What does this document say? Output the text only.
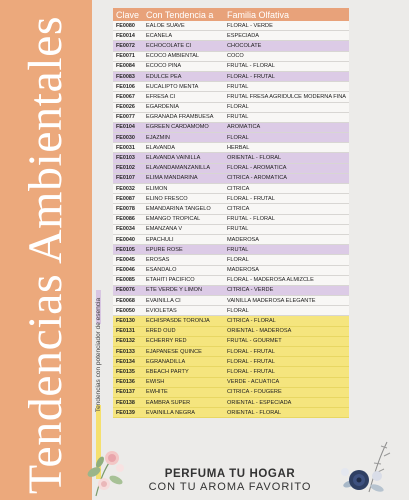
Tendencias Ambientales	Tendencias con potenciador de esencia
Clave Con Tendencia a	Familia Olfativa
FE0080	EALOE SUAVE	FLORAL - VERDE
FE0014	ECANELA	ESPECIADA
FE0072	ECHOCOLATE CI	CHOCOLATE
FE0071	ECOCO AMBIENTAL	COCO
FE0084	ECOCO PIÑA	FRUTAL - FLORAL
FE0083	EDULCE PEA	FLORAL - FRUTAL
FE0106	EUCALIPTO MENTA	FRUTAL
FE0067	EFRESA CI	FRUTAL FRESA AGRIDULCE MODERNA FINA
FE0026	EGARDENIA	FLORAL
FE0077	EGRANADA FRAMBUESA	FRUTAL
FE0104	EGREEN CARDAMOMO	AROMÁTICA
FE0030	EJAZMIN	FLORAL
FE0031	ELAVANDA	HERBAL
FE0103	ELAVANDA VAINILLA	ORIENTAL - FLORAL
FE0102	ELAVANDAMANZANILLA	FLORAL - AROMÁTICA
FE0107	ELIMA MANDARINA	CÍTRICA - AROMÁTICA
FE0032	ELIMON	CÍTRICA
FE0087	ELINO FRESCO	FLORAL - FRUTAL
FE0078	EMANDARINA TANGELO	CÍTRICA
FE0086	EMANGO TROPICAL	FRUTAL - FLORAL
FE0034	EMANZANA V	FRUTAL
FE0040	EPACHULI	MADEROSA
FE0105	EPURE ROSE	FRUTAL
FE0045	EROSAS	FLORAL
FE0046	ESANDALO	MADEROSA
FE0085	ETAHITI PACIFICO	FLORAL - MADEROSA ALMIZCLE
FE0076	ETE VERDE Y LIMON	CÍTRICA - VERDE
FE0068	EVAINILLA CI	VAINILLA MADEROSA ELEGANTE
FE0050	EVIOLETAS	FLORAL
FE0130	ECHISPASDE TORONJA	CÍTRICA - FLORAL
FE0131	ERED OUD	ORIENTAL - MADEROSA
FE0132	ECHERRY RED	FRUTAL - GOURMET
FE0133	EJAPANESE QUINCE	FLORAL - FRUTAL
FE0134	EGRANADILLA	FLORAL - FRUTAL
FE0135	EBEACH PARTY	FLORAL - FRUTAL
FE0136	EWISH	VERDE - ACUÁTICA
FE0137	EWHITE	CÍTRICA - FOUGÈRE
FE0138	EAMBRA SUPER	ORIENTAL - ESPECIADA
FE0139	EVAINILLA NEGRA	ORIENTAL - FLORAL
PERFUMA TU HOGAR
CON TU AROMA FAVORITO
